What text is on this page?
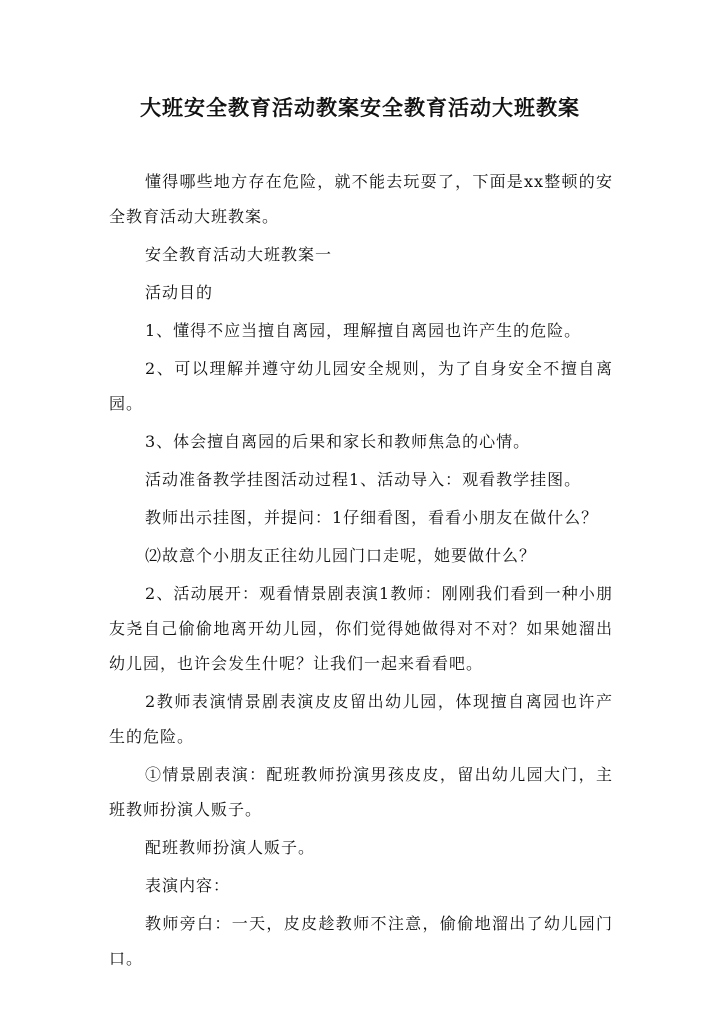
大班安全教育活动教案安全教育活动大班教案

懂得哪些地方存在危险，就不能去玩耍了，下面是xx整顿的安全教育活动大班教案。

安全教育活动大班教案一

活动目的

1、懂得不应当擅自离园，理解擅自离园也许产生的危险。

2、可以理解并遵守幼儿园安全规则，为了自身安全不擅自离园。

3、体会擅自离园的后果和家长和教师焦急的心情。

活动准备教学挂图活动过程1、活动导入：观看教学挂图。

教师出示挂图，并提问：1仔细看图，看看小朋友在做什么？

⑵故意个小朋友正往幼儿园门口走呢，她要做什么？

2、活动展开：观看情景剧表演1教师：刚刚我们看到一种小朋友尧自己偷偷地离开幼儿园，你们觉得她做得对不对？如果她溜出幼儿园，也许会发生什呢？让我们一起来看看吧。

2教师表演情景剧表演皮皮留出幼儿园，体现擅自离园也许产生的危险。

①情景剧表演：配班教师扮演男孩皮皮，留出幼儿园大门，主班教师扮演人贩子。

配班教师扮演人贩子。

表演内容：

教师旁白：一天，皮皮趁教师不注意，偷偷地溜出了幼儿园门口。
